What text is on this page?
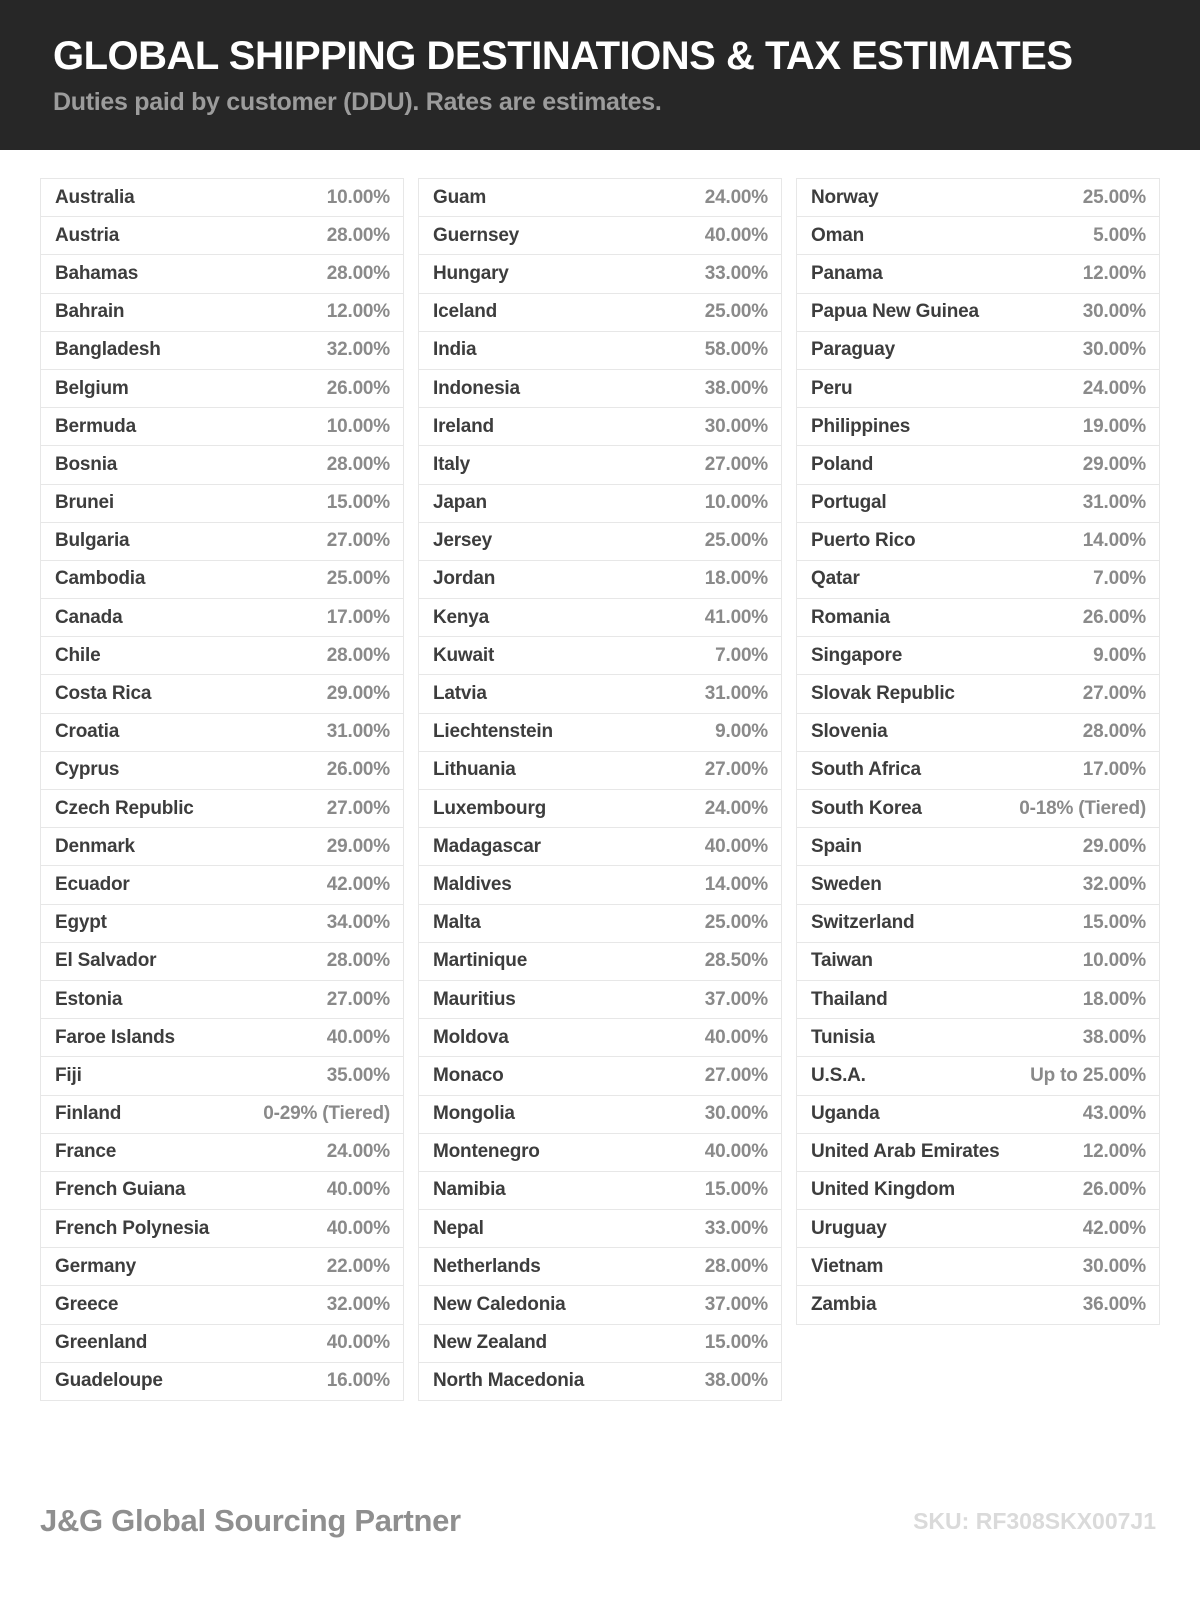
GLOBAL SHIPPING DESTINATIONS & TAX ESTIMATES

Duties paid by customer (DDU). Rates are estimates.

Australia	10.00%
Austria	28.00%
Bahamas	28.00%
Bahrain	12.00%
Bangladesh	32.00%
Belgium	26.00%
Bermuda	10.00%
Bosnia	28.00%
Brunei	15.00%
Bulgaria	27.00%
Cambodia	25.00%
Canada	17.00%
Chile	28.00%
Costa Rica	29.00%
Croatia	31.00%
Cyprus	26.00%
Czech Republic	27.00%
Denmark	29.00%
Ecuador	42.00%
Egypt	34.00%
El Salvador	28.00%
Estonia	27.00%
Faroe Islands	40.00%
Fiji	35.00%
Finland	0-29% (Tiered)
France	24.00%
French Guiana	40.00%
French Polynesia	40.00%
Germany	22.00%
Greece	32.00%
Greenland	40.00%
Guadeloupe	16.00%
Guam	24.00%
Guernsey	40.00%
Hungary	33.00%
Iceland	25.00%
India	58.00%
Indonesia	38.00%
Ireland	30.00%
Italy	27.00%
Japan	10.00%
Jersey	25.00%
Jordan	18.00%
Kenya	41.00%
Kuwait	7.00%
Latvia	31.00%
Liechtenstein	9.00%
Lithuania	27.00%
Luxembourg	24.00%
Madagascar	40.00%
Maldives	14.00%
Malta	25.00%
Martinique	28.50%
Mauritius	37.00%
Moldova	40.00%
Monaco	27.00%
Mongolia	30.00%
Montenegro	40.00%
Namibia	15.00%
Nepal	33.00%
Netherlands	28.00%
New Caledonia	37.00%
New Zealand	15.00%
North Macedonia	38.00%
Norway	25.00%
Oman	5.00%
Panama	12.00%
Papua New Guinea	30.00%
Paraguay	30.00%
Peru	24.00%
Philippines	19.00%
Poland	29.00%
Portugal	31.00%
Puerto Rico	14.00%
Qatar	7.00%
Romania	26.00%
Singapore	9.00%
Slovak Republic	27.00%
Slovenia	28.00%
South Africa	17.00%
South Korea	0-18% (Tiered)
Spain	29.00%
Sweden	32.00%
Switzerland	15.00%
Taiwan	10.00%
Thailand	18.00%
Tunisia	38.00%
U.S.A.	Up to 25.00%
Uganda	43.00%
United Arab Emirates	12.00%
United Kingdom	26.00%
Uruguay	42.00%
Vietnam	30.00%
Zambia	36.00%
J&G Global Sourcing Partner	SKU: RF308SKX007J1
